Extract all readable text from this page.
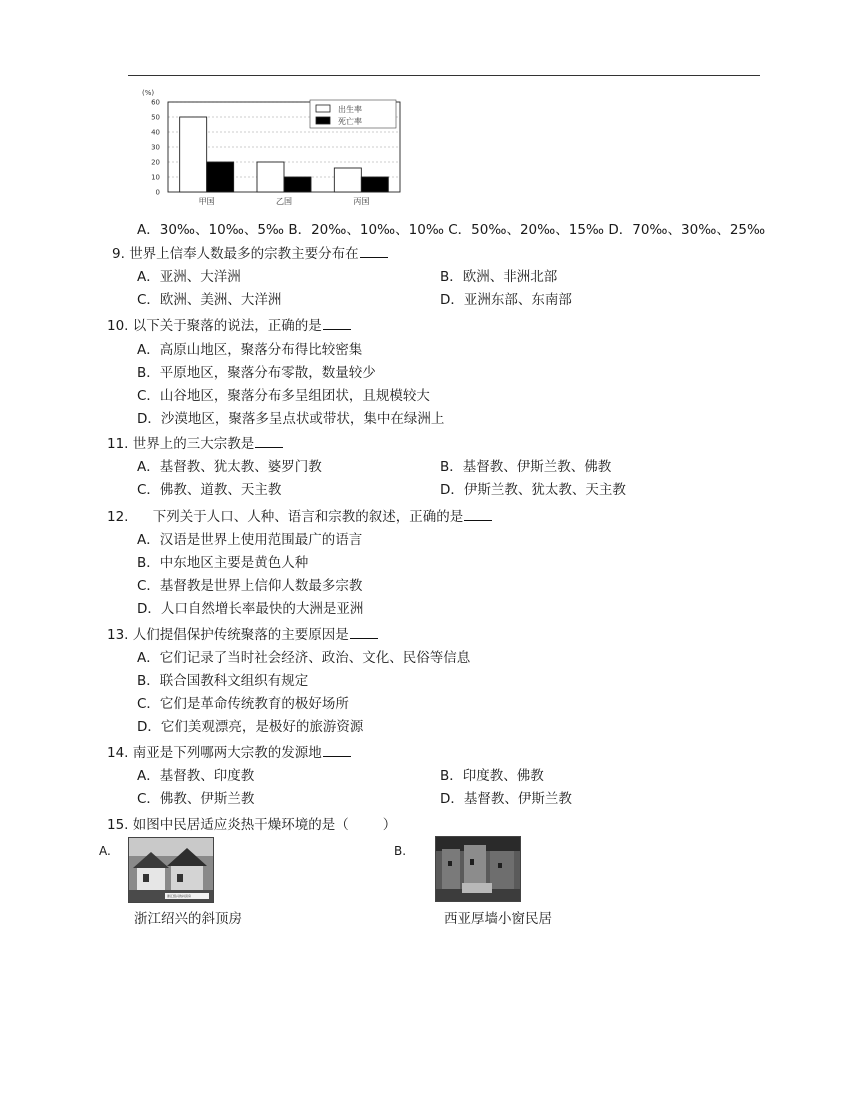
(%)
0
10
20
30
40
50
60
甲国	乙国	丙国
出生率
死亡率
A．30‰、10‰、5‰ B．20‰、10‰、10‰ C．50‰、20‰、15‰ D．70‰、30‰、25‰
9. 世界上信奉人数最多的宗教主要分布在
A．亚洲、大洋洲	B．欧洲、非洲北部
C．欧洲、美洲、大洋洲	D．亚洲东部、东南部
10. 以下关于聚落的说法，正确的是
A．高原山地区，聚落分布得比较密集
B．平原地区，聚落分布零散，数量较少
C．山谷地区，聚落分布多呈组团状，且规模较大
D．沙漠地区，聚落多呈点状或带状，集中在绿洲上
11. 世界上的三大宗教是
A．基督教、犹太教、婆罗门教	B．基督教、伊斯兰教、佛教
C．佛教、道教、天主教	D．伊斯兰教、犹太教、天主教
12. 下列关于人口、人种、语言和宗教的叙述，正确的是
A．汉语是世界上使用范围最广的语言
B．中东地区主要是黄色人种
C．基督教是世界上信仰人数最多宗教
D．人口自然增长率最快的大洲是亚洲
13. 人们提倡保护传统聚落的主要原因是
A．它们记录了当时社会经济、政治、文化、民俗等信息
B．联合国教科文组织有规定
C．它们是革命传统教育的极好场所
D．它们美观漂亮，是极好的旅游资源
14. 南亚是下列哪两大宗教的发源地
A．基督教、印度教	B．印度教、佛教
C．佛教、伊斯兰教	D．基督教、伊斯兰教
15. 如图中民居适应炎热干燥环境的是（	）
A.
浙江绍兴的斜顶房
浙江绍兴的斜顶房
B.
西亚厚墙小窗民居
